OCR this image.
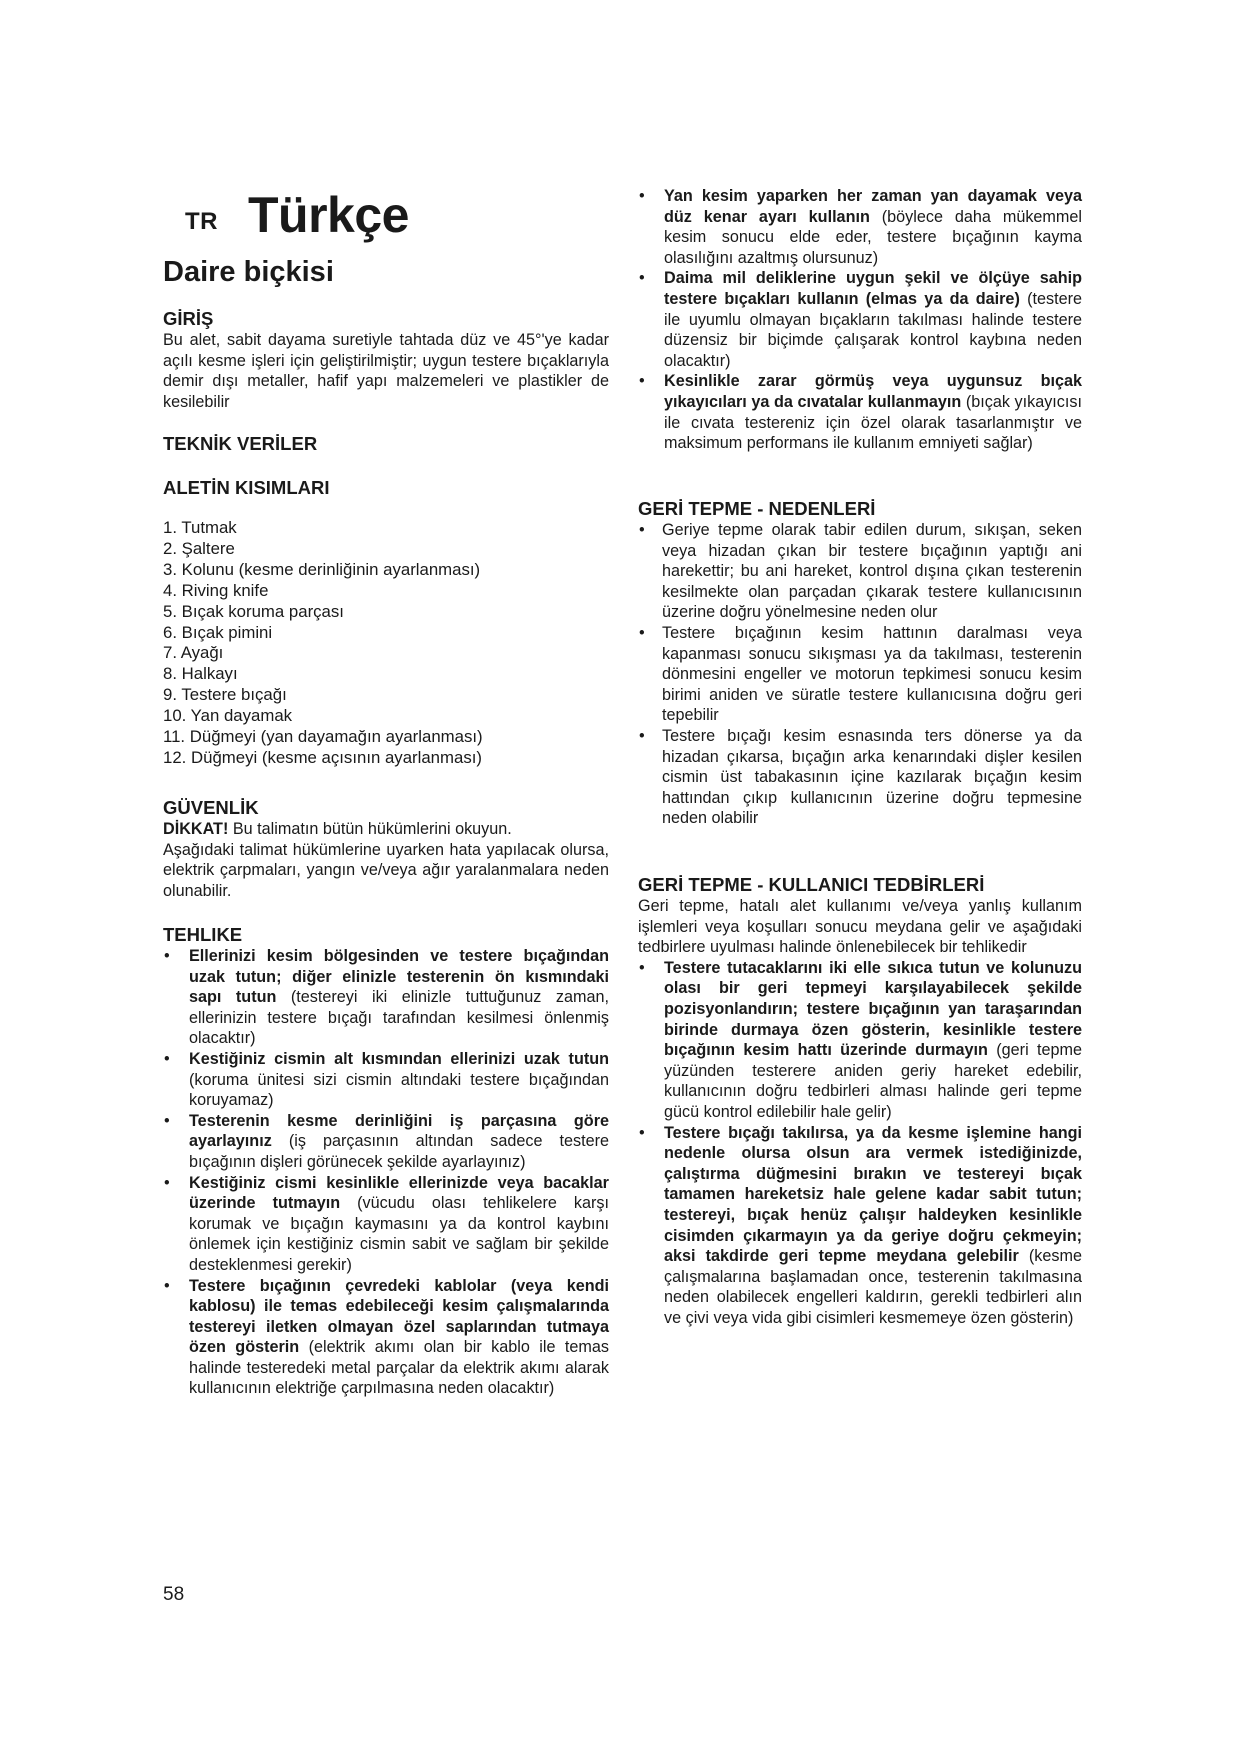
TR Türkçe
Daire biçkisi
GİRİŞ

Bu alet, sabit dayama suretiyle tahtada düz ve 45°'ye kadar açılı kesme işleri için geliştirilmiştir; uygun testere bıçaklarıyla demir dışı metaller, hafif yapı malzemeleri ve plastikler de kesilebilir

TEKNİK VERİLER
ALETİN KISIMLARI
1. Tutmak
2. Şaltere
3. Kolunu (kesme derinliğinin ayarlanması)
4. Riving knife
5. Bıçak koruma parçası
6. Bıçak pimini
7. Ayağı
8. Halkayı
9. Testere bıçağı
10. Yan dayamak
11. Düğmeyi (yan dayamağın ayarlanması)
12. Düğmeyi (kesme açısının ayarlanması)
GÜVENLİK

DİKKAT! Bu talimatın bütün hükümlerini okuyun.

Aşağıdaki talimat hükümlerine uyarken hata yapılacak olursa, elektrik çarpmaları, yangın ve/veya ağır yaralanmalara neden olunabilir.

TEHLIKE
• Ellerinizi kesim bölgesinden ve testere bıçağından uzak tutun; diğer elinizle testerenin ön kısmındaki sapı tutun (testereyi iki elinizle tuttuğunuz zaman, ellerinizin testere bıçağı tarafından kesilmesi önlenmiş olacaktır)
• Kestiğiniz cismin alt kısmından ellerinizi uzak tutun (koruma ünitesi sizi cismin altındaki testere bıçağından koruyamaz)
• Testerenin kesme derinliğini iş parçasına göre ayarlayınız (iş parçasının altından sadece testere bıçağının dişleri görünecek şekilde ayarlayınız)
• Kestiğiniz cismi kesinlikle ellerinizde veya bacaklar üzerinde tutmayın (vücudu olası tehlikelere karşı korumak ve bıçağın kaymasını ya da kontrol kaybını önlemek için kestiğiniz cismin sabit ve sağlam bir şekilde desteklenmesi gerekir)
• Testere bıçağının çevredeki kablolar (veya kendi kablosu) ile temas edebileceği kesim çalışmalarında testereyi iletken olmayan özel saplarından tutmaya özen gösterin (elektrik akımı olan bir kablo ile temas halinde testeredeki metal parçalar da elektrik akımı alarak kullanıcının elektriğe çarpılmasına neden olacaktır)
• Yan kesim yaparken her zaman yan dayamak veya düz kenar ayarı kullanın (böylece daha mükemmel kesim sonucu elde eder, testere bıçağının kayma olasılığını azaltmış olursunuz)
• Daima mil deliklerine uygun şekil ve ölçüye sahip testere bıçakları kullanın (elmas ya da daire) (testere ile uyumlu olmayan bıçakların takılması halinde testere düzensiz bir biçimde çalışarak kontrol kaybına neden olacaktır)
• Kesinlikle zarar görmüş veya uygunsuz bıçak yıkayıcıları ya da cıvatalar kullanmayın (bıçak yıkayıcısı ile cıvata testereniz için özel olarak tasarlanmıştır ve maksimum performans ile kullanım emniyeti sağlar)
GERİ TEPME - NEDENLERİ
• Geriye tepme olarak tabir edilen durum, sıkışan, seken veya hizadan çıkan bir testere bıçağının yaptığı ani harekettir; bu ani hareket, kontrol dışına çıkan testerenin kesilmekte olan parçadan çıkarak testere kullanıcısının üzerine doğru yönelmesine neden olur
• Testere bıçağının kesim hattının daralması veya kapanması sonucu sıkışması ya da takılması, testerenin dönmesini engeller ve motorun tepkimesi sonucu kesim birimi aniden ve süratle testere kullanıcısına doğru geri tepebilir
• Testere bıçağı kesim esnasında ters dönerse ya da hizadan çıkarsa, bıçağın arka kenarındaki dişler kesilen cismin üst tabakasının içine kazılarak bıçağın kesim hattından çıkıp kullanıcının üzerine doğru tepmesine neden olabilir
GERİ TEPME - KULLANICI TEDBİRLERİ

Geri tepme, hatalı alet kullanımı ve/veya yanlış kullanım işlemleri veya koşulları sonucu meydana gelir ve aşağıdaki tedbirlere uyulması halinde önlenebilecek bir tehlikedir

• Testere tutacaklarını iki elle sıkıca tutun ve kolunuzu olası bir geri tepmeyi karşılayabilecek şekilde pozisyonlandırın; testere bıçağının yan taraşarından birinde durmaya özen gösterin, kesinlikle testere bıçağının kesim hattı üzerinde durmayın (geri tepme yüzünden testerere aniden geriy hareket edebilir, kullanıcının doğru tedbirleri alması halinde geri tepme gücü kontrol edilebilir hale gelir)
• Testere bıçağı takılırsa, ya da kesme işlemine hangi nedenle olursa olsun ara vermek istediğinizde, çalıştırma düğmesini bırakın ve testereyi bıçak tamamen hareketsiz hale gelene kadar sabit tutun; testereyi, bıçak henüz çalışır haldeyken kesinlikle cisimden çıkarmayın ya da geriye doğru çekmeyin; aksi takdirde geri tepme meydana gelebilir (kesme çalışmalarına başlamadan once, testerenin takılmasına neden olabilecek engelleri kaldırın, gerekli tedbirleri alın ve çivi veya vida gibi cisimleri kesmemeye özen gösterin)
58
